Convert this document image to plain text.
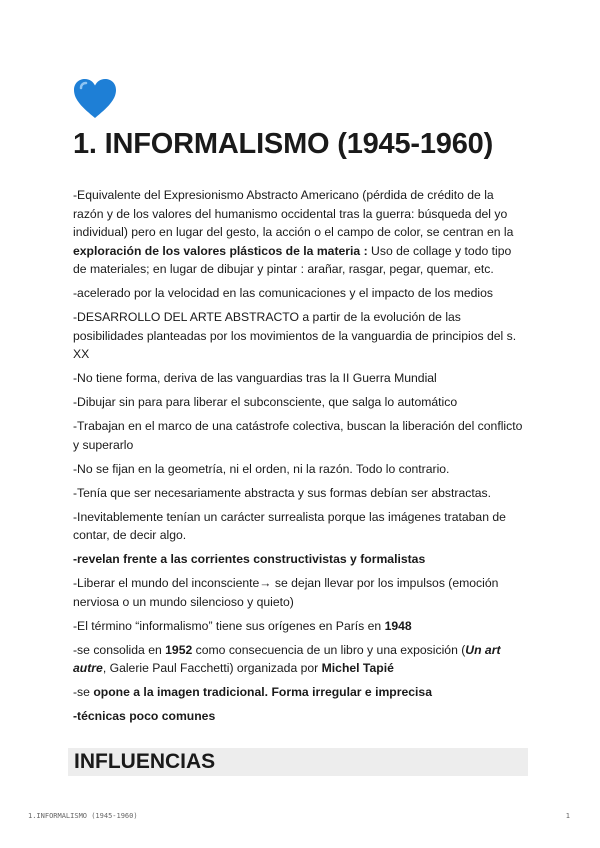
1. INFORMALISMO (1945-1960)

-Equivalente del Expresionismo Abstracto Americano (pérdida de crédito de la razón y de los valores del humanismo occidental tras la guerra: búsqueda del yo individual) pero en lugar del gesto, la acción o el campo de color, se centran en la exploración de los valores plásticos de la materia : Uso de collage y todo tipo de materiales; en lugar de dibujar y pintar : arañar, rasgar, pegar, quemar, etc.

-acelerado por la velocidad en las comunicaciones y el impacto de los medios

-DESARROLLO DEL ARTE ABSTRACTO a partir de la evolución de las posibilidades planteadas por los movimientos de la vanguardia de principios del s. XX

-No tiene forma, deriva de las vanguardias tras la II Guerra Mundial

-Dibujar sin para para liberar el subconsciente, que salga lo automático

-Trabajan en el marco de una catástrofe colectiva, buscan la liberación del conflicto y superarlo

-No se fijan en la geometría, ni el orden, ni la razón. Todo lo contrario.

-Tenía que ser necesariamente abstracta y sus formas debían ser abstractas.

-Inevitablemente tenían un carácter surrealista porque las imágenes trataban de contar, de decir algo.

-revelan frente a las corrientes constructivistas y formalistas

-Liberar el mundo del inconsciente→ se dejan llevar por los impulsos (emoción nerviosa o un mundo silencioso y quieto)

-El término “informalismo” tiene sus orígenes en París en 1948

-se consolida en 1952 como consecuencia de un libro y una exposición (Un art autre, Galerie Paul Facchetti) organizada por Michel Tapié

-se opone a la imagen tradicional. Forma irregular e imprecisa

-técnicas poco comunes

INFLUENCIAS
1.INFORMALISMO (1945-1960)	1
